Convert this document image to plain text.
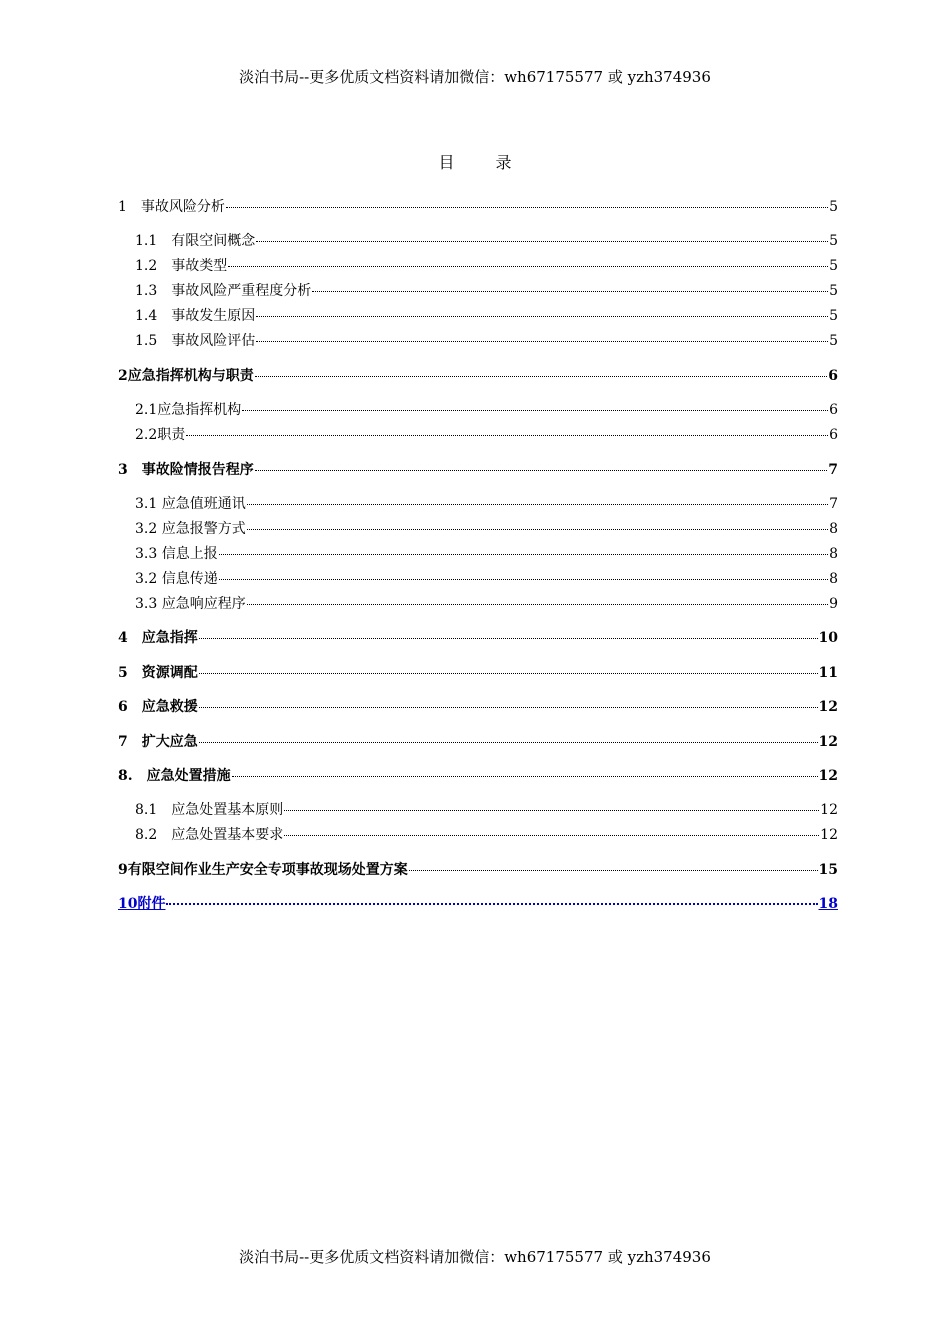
淡泊书局--更多优质文档资料请加微信：wh67175577 或 yzh374936
目 录
1　事故风险分析	5
1.1　有限空间概念	5
1.2　事故类型	5
1.3　事故风险严重程度分析	5
1.4　事故发生原因	5
1.5　事故风险评估	5
2应急指挥机构与职责	6
2.1应急指挥机构	6
2.2职责	6
3　事故险情报告程序	7
3.1 应急值班通讯	7
3.2 应急报警方式	8
3.3 信息上报	8
3.2 信息传递	8
3.3 应急响应程序	9
4　应急指挥	10
5　资源调配	11
6　应急救援	12
7　扩大应急	12
8.　应急处置措施	12
8.1　应急处置基本原则	12
8.2　应急处置基本要求	12
9有限空间作业生产安全专项事故现场处置方案	15
10附件	18
淡泊书局--更多优质文档资料请加微信：wh67175577 或 yzh374936
